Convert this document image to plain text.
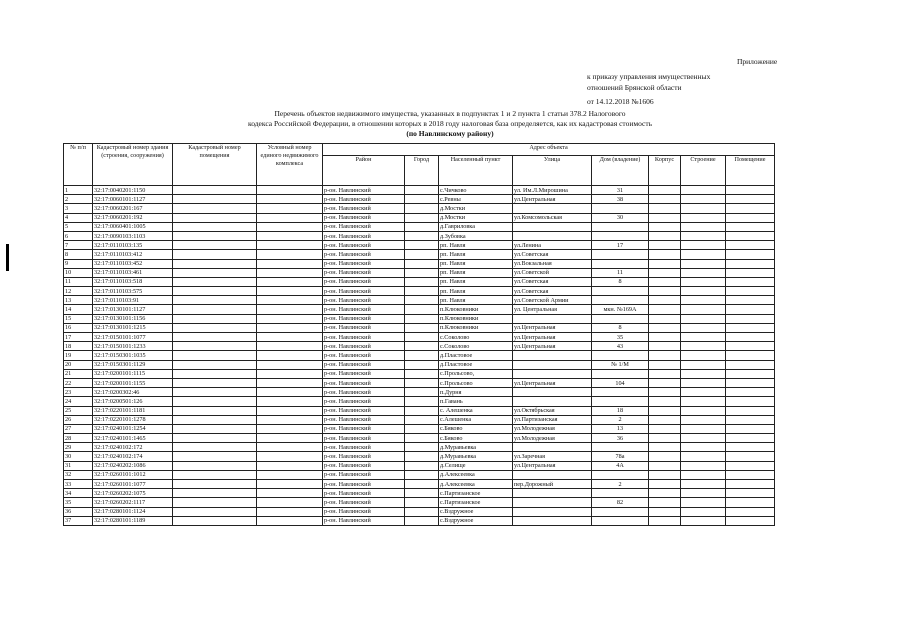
Приложение
к приказу управления имущественных
отношений Брянской области
от 14.12.2018 №1606
Перечень объектов недвижимого имущества, указанных в подпунктах 1 и 2 пункта 1 статьи 378.2 Налогового
кодекса Российской Федерации, в отношении которых в 2018 году налоговая база определяется, как их кадастровая стоимость
(по Навлинскому району)
№ п/п	Кадастровый номер здания (строения, сооружения)	Кадастровый номер помещения	Условный номер единого недвижимого комплекса	Адрес объекта							
				Район	Город	Населенный пункт	Улица	Дом (владение)	Корпус	Строение	Помещение
1	32:17:0040201:1150			р-он. Навлинский		с.Чичково	ул. Им.Л.Мирошина	31			
2	32:17:0060101:1127			р-он. Навлинский		с.Ревны	ул.Центральная	38			
3	32:17:0060201:167			р-он. Навлинский		д.Мостки					
4	32:17:0060201:192			р-он. Навлинский		д.Мостки	ул.Комсомольская	30			
5	32:17:0060401:1005			р-он. Навлинский		д.Гавриловка					
6	32:17:0090103:1103			р-он. Навлинский		д.Зубовка					
7	32:17:0110103:135			р-он. Навлинский		рп. Навля	ул.Ленина	17			
8	32:17:0110103:412			р-он. Навлинский		рп. Навля	ул.Советская				
9	32:17:0110103:452			р-он. Навлинский		рп. Навля	ул.Вокзальная				
10	32:17:0110103:461			р-он. Навлинский		рп. Навля	ул.Советской	11			
11	32:17:0110103:518			р-он. Навлинский		рп. Навля	ул.Советская	8			
12	32:17:0110103:575			р-он. Навлинский		рп. Навля	ул.Советская				
13	32:17:0110103:91			р-он. Навлинский		рп. Навля	ул.Советской Армии				
14	32:17:0130101:1127			р-он. Навлинский		п.Клюковники	ул. Центральная	мкн. №169А			
15	32:17:0130101:1156			р-он. Навлинский		п.Клюковники					
16	32:17:0130101:1215			р-он. Навлинский		п.Клюковники	ул.Центральная	8			
17	32:17:0150101:1077			р-он. Навлинский		с.Соколово	ул.Центральная	35			
18	32:17:0150101:1233			р-он. Навлинский		с.Соколово	ул.Центральная	43			
19	32:17:0150301:1035			р-он. Навлинский		д.Пластовое					
20	32:17:0150301:1129			р-он. Навлинский		д.Пластовое		№ 1/М			
21	32:17:0200101:1115			р-он. Навлинский		с.Прольсово,					
22	32:17:0200101:1155			р-он. Навлинский		с.Прольсово	ул.Центральная	104			
23	32:17:0200302:46			р-он. Навлинский		п.Дурня					
24	32:17:0200501:126			р-он. Навлинский		п.Гавань					
25	32:17:0220101:1181			р-он. Навлинский		с. Алешенка	ул.Октябрьская	18			
26	32:17:0220101:1278			р-он. Навлинский		с.Алешенка	ул.Партизанская	2			
27	32:17:0240101:1254			р-он. Навлинский		с.Бяково	ул.Молодежная	13			
28	32:17:0240101:1465			р-он. Навлинский		с.Бяково	ул.Молодежная	36			
29	32:17:0240102:172			р-он. Навлинский		д.Муравьевка					
30	32:17:0240102:174			р-он. Навлинский		д.Муравьевка	ул.Заречная	78а			
31	32:17:0240202:1086			р-он. Навлинский		д.Селище	ул.Центральная	4А			
32	32:17:0260101:1012			р-он. Навлинский		д.Алексеевка					
33	32:17:0260101:1077			р-он. Навлинский		д.Алексеевка	пер.Дорожный	2			
34	32:17:0260202:1075			р-он. Навлинский		с.Партизанское					
35	32:17:0260202:1117			р-он. Навлинский		с.Партизанское		82			
36	32:17:0280101:1124			р-он. Навлинский		с.Вздружное					
37	32:17:0280101:1189			р-он. Навлинский		с.Вздружное					
